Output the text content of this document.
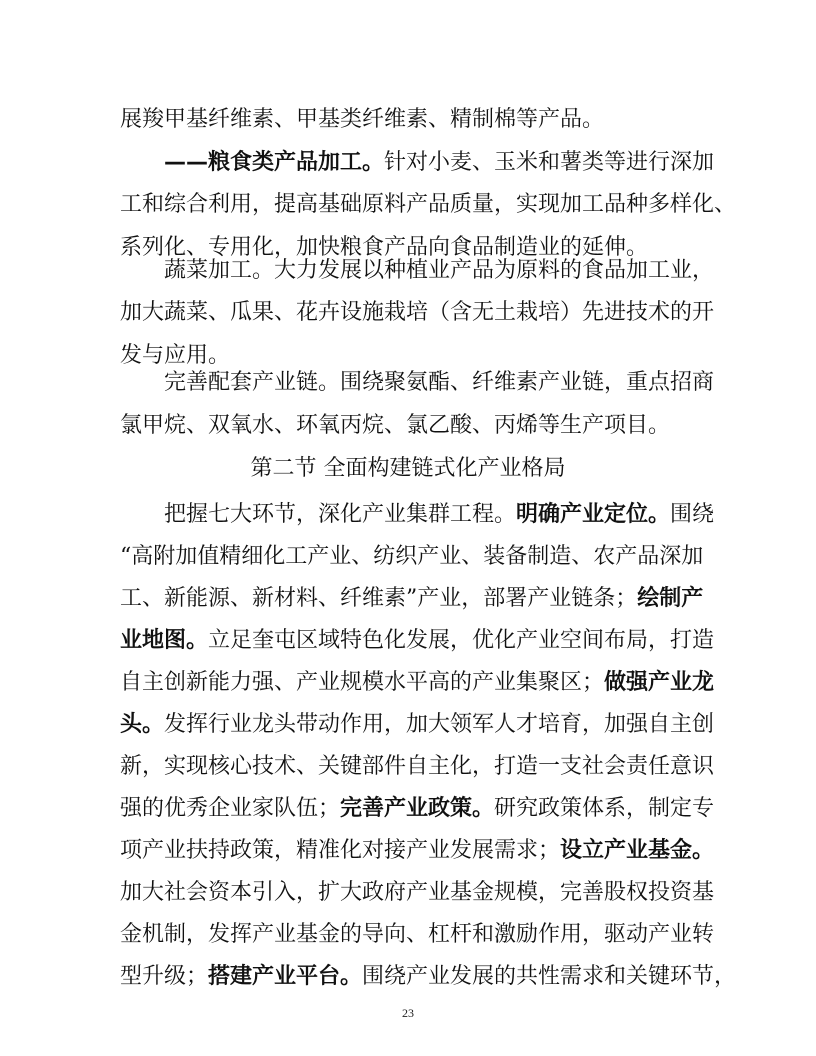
展羧甲基纤维素、甲基类纤维素、精制棉等产品。
——粮食类产品加工。针对小麦、玉米和薯类等进行深加
工和综合利用，提高基础原料产品质量，实现加工品种多样化、
系列化、专用化，加快粮食产品向食品制造业的延伸。
蔬菜加工。大力发展以种植业产品为原料的食品加工业，
加大蔬菜、瓜果、花卉设施栽培（含无土栽培）先进技术的开
发与应用。
完善配套产业链。围绕聚氨酯、纤维素产业链，重点招商
氯甲烷、双氧水、环氧丙烷、氯乙酸、丙烯等生产项目。
第二节 全面构建链式化产业格局
把握七大环节，深化产业集群工程。明确产业定位。围绕
“高附加值精细化工产业、纺织产业、装备制造、农产品深加
工、新能源、新材料、纤维素”产业，部署产业链条；绘制产
业地图。立足奎屯区域特色化发展，优化产业空间布局，打造
自主创新能力强、产业规模水平高的产业集聚区；做强产业龙
头。发挥行业龙头带动作用，加大领军人才培育，加强自主创
新，实现核心技术、关键部件自主化，打造一支社会责任意识
强的优秀企业家队伍；完善产业政策。研究政策体系，制定专
项产业扶持政策，精准化对接产业发展需求；设立产业基金。
加大社会资本引入，扩大政府产业基金规模，完善股权投资基
金机制，发挥产业基金的导向、杠杆和激励作用，驱动产业转
型升级；搭建产业平台。围绕产业发展的共性需求和关键环节，
23
